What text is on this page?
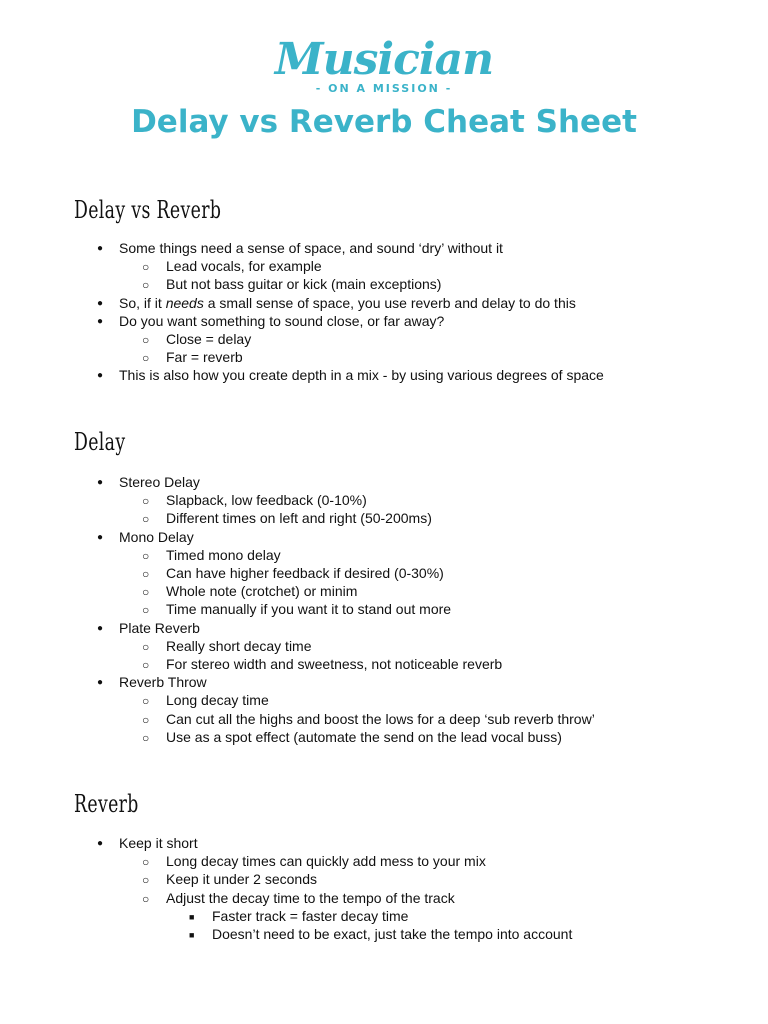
Musician
- ON A MISSION -
Delay vs Reverb Cheat Sheet
Delay vs Reverb
● Some things need a sense of space, and sound ‘dry’ without it
○ Lead vocals, for example
○ But not bass guitar or kick (main exceptions)
● So, if it needs a small sense of space, you use reverb and delay to do this
● Do you want something to sound close, or far away?
○ Close = delay
○ Far = reverb
● This is also how you create depth in a mix - by using various degrees of space
Delay
● Stereo Delay
○ Slapback, low feedback (0-10%)
○ Different times on left and right (50-200ms)
● Mono Delay
○ Timed mono delay
○ Can have higher feedback if desired (0-30%)
○ Whole note (crotchet) or minim
○ Time manually if you want it to stand out more
● Plate Reverb
○ Really short decay time
○ For stereo width and sweetness, not noticeable reverb
● Reverb Throw
○ Long decay time
○ Can cut all the highs and boost the lows for a deep ‘sub reverb throw’
○ Use as a spot effect (automate the send on the lead vocal buss)
Reverb
● Keep it short
○ Long decay times can quickly add mess to your mix
○ Keep it under 2 seconds
○ Adjust the decay time to the tempo of the track
■ Faster track = faster decay time
■ Doesn’t need to be exact, just take the tempo into account
